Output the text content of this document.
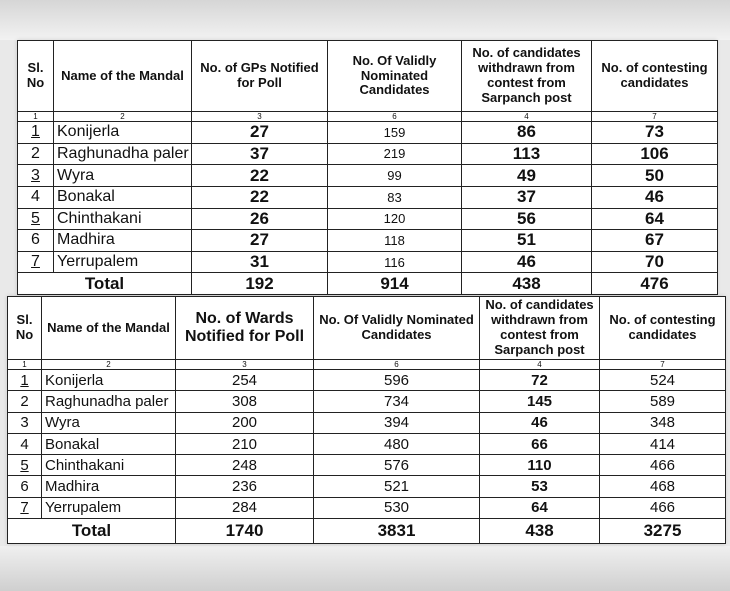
Sl. No	Name of the Mandal	No. of GPs Notified for Poll	No. Of Validly Nominated Candidates	No. of candidates withdrawn from contest from Sarpanch post	No. of contesting candidates
1	2	3	6	4	7
1	Konijerla	27	159	86	73
2	Raghunadha paler	37	219	113	106
3	Wyra	22	99	49	50
4	Bonakal	22	83	37	46
5	Chinthakani	26	120	56	64
6	Madhira	27	118	51	67
7	Yerrupalem	31	116	46	70
Total		192	914	438	476
Sl. No	Name of the Mandal	No. of Wards Notified for Poll	No. Of Validly Nominated Candidates	No. of candidates withdrawn from contest from Sarpanch post	No. of contesting candidates
1	2	3	6	4	7
1	Konijerla	254	596	72	524
2	Raghunadha paler	308	734	145	589
3	Wyra	200	394	46	348
4	Bonakal	210	480	66	414
5	Chinthakani	248	576	110	466
6	Madhira	236	521	53	468
7	Yerrupalem	284	530	64	466
Total		1740	3831	438	3275
